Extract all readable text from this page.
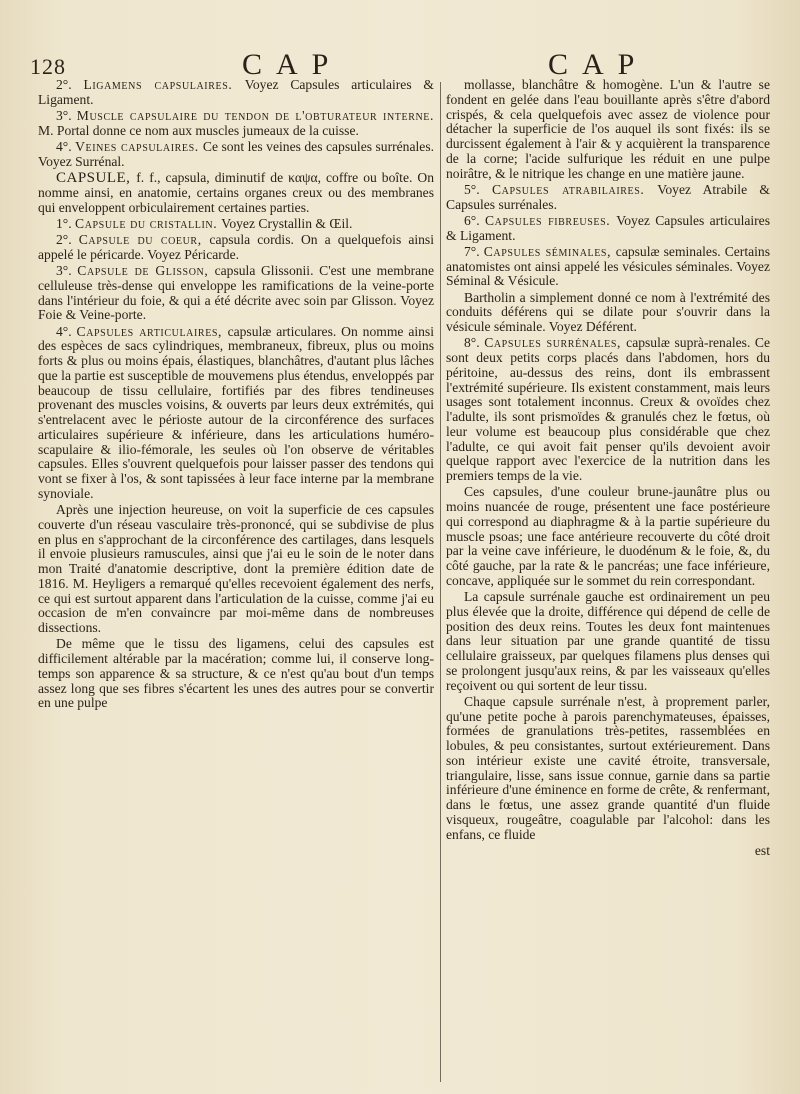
128	CAP	CAP

2°. Ligamens capsulaires. Voyez Capsules articulaires & Ligament.

3°. Muscle capsulaire du tendon de l'obturateur interne. M. Portal donne ce nom aux muscles jumeaux de la cuisse.

4°. Veines capsulaires. Ce sont les veines des capsules surrénales. Voyez Surrénal.

CAPSULE, f. f., capsula, diminutif de καψα, coffre ou boîte. On nomme ainsi, en anatomie, certains organes creux ou des membranes qui enveloppent orbiculairement certaines parties.

1°. Capsule du cristallin. Voyez Crystallin & Œil.

2°. Capsule du coeur, capsula cordis. On a quelquefois ainsi appelé le péricarde. Voyez Péricarde.

3°. Capsule de Glisson, capsula Glissonii. C'est une membrane celluleuse très-dense qui enveloppe les ramifications de la veine-porte dans l'intérieur du foie, & qui a été décrite avec soin par Glisson. Voyez Foie & Veine-porte.

4°. Capsules articulaires, capsulæ articulares. On nomme ainsi des espèces de sacs cylindriques, membraneux, fibreux, plus ou moins forts & plus ou moins épais, élastiques, blanchâtres, d'autant plus lâches que la partie est susceptible de mouvemens plus étendus, enveloppés par beaucoup de tissu cellulaire, fortifiés par des fibres tendineuses provenant des muscles voisins, & ouverts par leurs deux extrémités, qui s'entrelacent avec le périoste autour de la circonférence des surfaces articulaires supérieure & inférieure, dans les articulations huméro-scapulaire & ilio-fémorale, les seules où l'on observe de véritables capsules. Elles s'ouvrent quelquefois pour laisser passer des tendons qui vont se fixer à l'os, & sont tapissées à leur face interne par la membrane synoviale.

Après une injection heureuse, on voit la superficie de ces capsules couverte d'un réseau vasculaire très-prononcé, qui se subdivise de plus en plus en s'approchant de la circonférence des cartilages, dans lesquels il envoie plusieurs ramuscules, ainsi que j'ai eu le soin de le noter dans mon Traité d'anatomie descriptive, dont la première édition date de 1816. M. Heyligers a remarqué qu'elles recevoient également des nerfs, ce qui est surtout apparent dans l'articulation de la cuisse, comme j'ai eu occasion de m'en convaincre par moi-même dans de nombreuses dissections.

De même que le tissu des ligamens, celui des capsules est difficilement altérable par la macération; comme lui, il conserve long-temps son apparence & sa structure, & ce n'est qu'au bout d'un temps assez long que ses fibres s'écartent les unes des autres pour se convertir en une pulpe

mollasse, blanchâtre & homogène. L'un & l'autre se fondent en gelée dans l'eau bouillante après s'être d'abord crispés, & cela quelquefois avec assez de violence pour détacher la superficie de l'os auquel ils sont fixés: ils se durcissent également à l'air & y acquièrent la transparence de la corne; l'acide sulfurique les réduit en une pulpe noirâtre, & le nitrique les change en une matière jaune.

5°. Capsules atrabilaires. Voyez Atrabile & Capsules surrénales.

6°. Capsules fibreuses. Voyez Capsules articulaires & Ligament.

7°. Capsules séminales, capsulæ seminales. Certains anatomistes ont ainsi appelé les vésicules séminales. Voyez Séminal & Vésicule.

Bartholin a simplement donné ce nom à l'extrémité des conduits déférens qui se dilate pour s'ouvrir dans la vésicule séminale. Voyez Déférent.

8°. Capsules surrénales, capsulæ suprà-renales. Ce sont deux petits corps placés dans l'abdomen, hors du péritoine, au-dessus des reins, dont ils embrassent l'extrémité supérieure. Ils existent constamment, mais leurs usages sont totalement inconnus. Creux & ovoïdes chez l'adulte, ils sont prismoïdes & granulés chez le fœtus, où leur volume est beaucoup plus considérable que chez l'adulte, ce qui avoit fait penser qu'ils devoient avoir quelque rapport avec l'exercice de la nutrition dans les premiers temps de la vie.

Ces capsules, d'une couleur brune-jaunâtre plus ou moins nuancée de rouge, présentent une face postérieure qui correspond au diaphragme & à la partie supérieure du muscle psoas; une face antérieure recouverte du côté droit par la veine cave inférieure, le duodénum & le foie, &, du côté gauche, par la rate & le pancréas; une face inférieure, concave, appliquée sur le sommet du rein correspondant.

La capsule surrénale gauche est ordinairement un peu plus élevée que la droite, différence qui dépend de celle de position des deux reins. Toutes les deux font maintenues dans leur situation par une grande quantité de tissu cellulaire graisseux, par quelques filamens plus denses qui se prolongent jusqu'aux reins, & par les vaisseaux qu'elles reçoivent ou qui sortent de leur tissu.

Chaque capsule surrénale n'est, à proprement parler, qu'une petite poche à parois parenchymateuses, épaisses, formées de granulations très-petites, rassemblées en lobules, & peu consistantes, surtout extérieurement. Dans son intérieur existe une cavité étroite, transversale, triangulaire, lisse, sans issue connue, garnie dans sa partie inférieure d'une éminence en forme de crête, & renfermant, dans le fœtus, une assez grande quantité d'un fluide visqueux, rougeâtre, coagulable par l'alcohol: dans les enfans, ce fluide

est
